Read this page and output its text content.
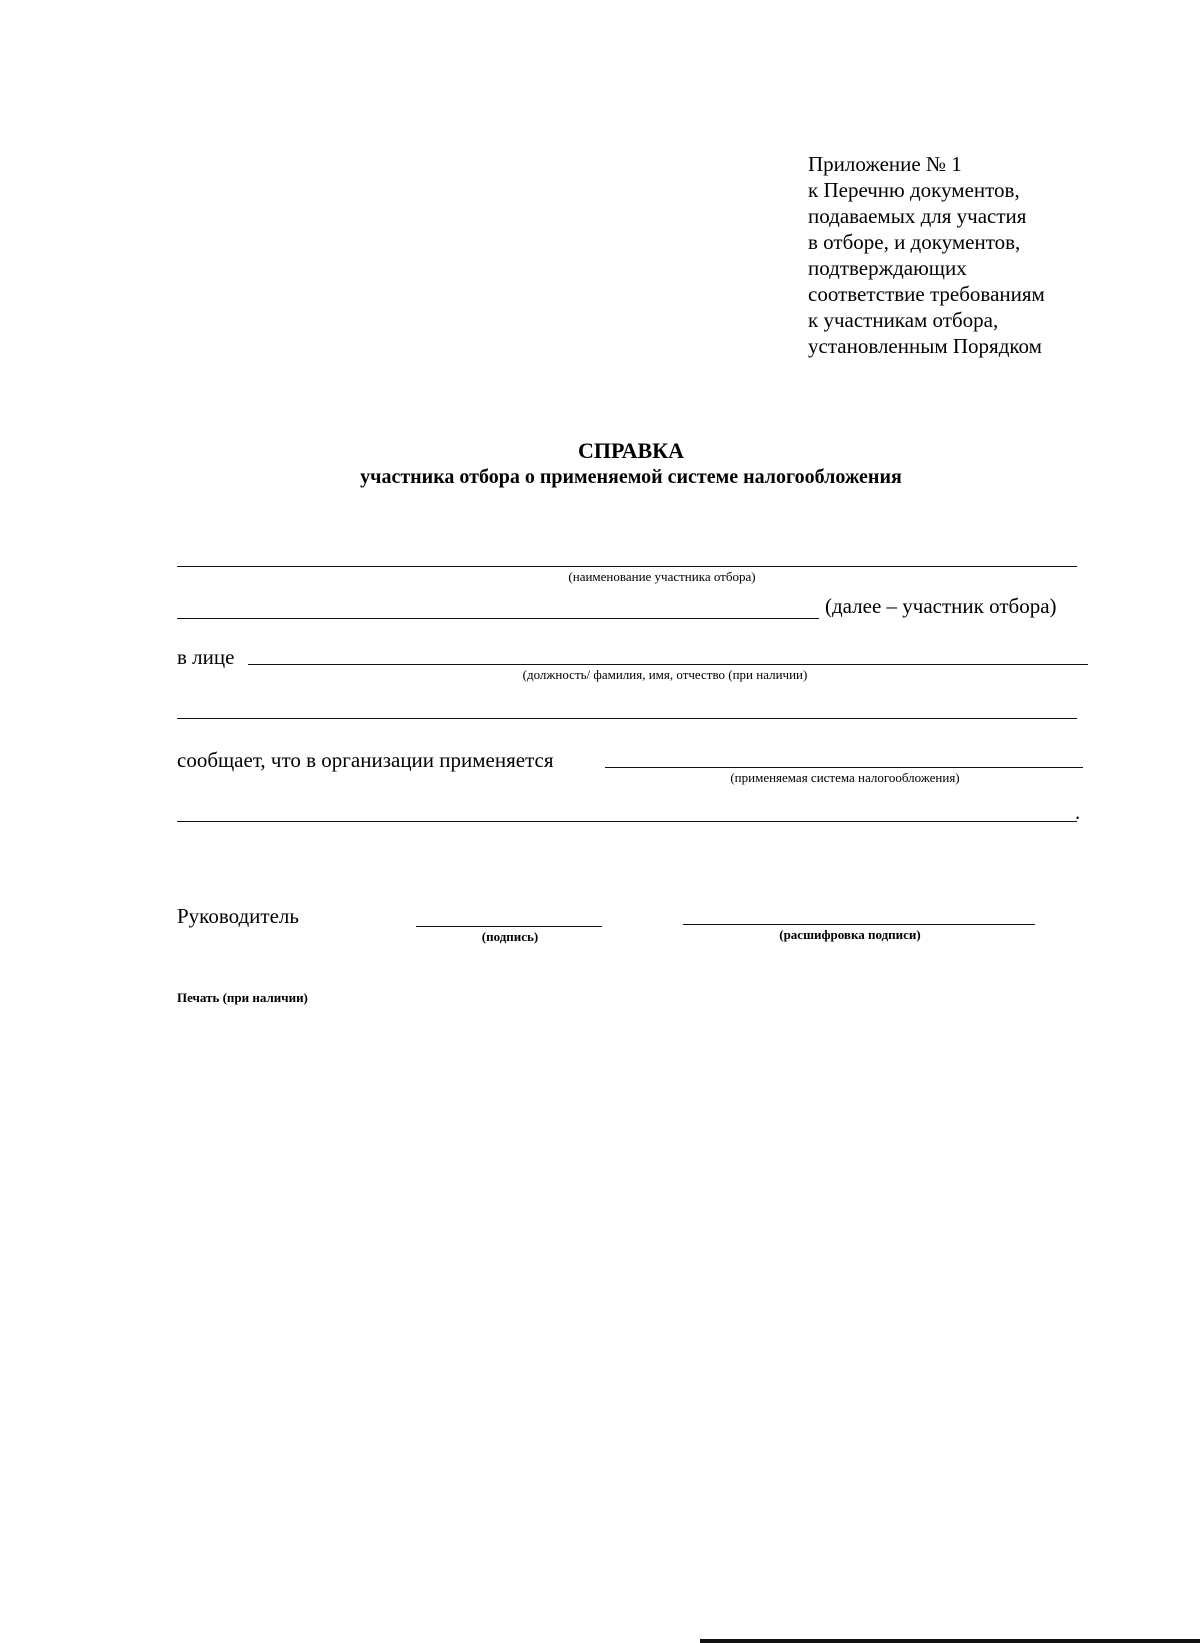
Приложение № 1
к Перечню документов,
подаваемых для участия
в отборе, и документов,
подтверждающих
соответствие требованиям
к участникам отбора,
установленным Порядком
СПРАВКА
участника отбора о применяемой системе налогообложения
(наименование участника отбора)
(далее – участник отбора)
в лице
(должность/ фамилия, имя, отчество (при наличии)
сообщает, что в организации применяется
(применяемая система налогообложения)
.
Руководитель
(подпись)	(расшифровка подписи)
Печать (при наличии)
